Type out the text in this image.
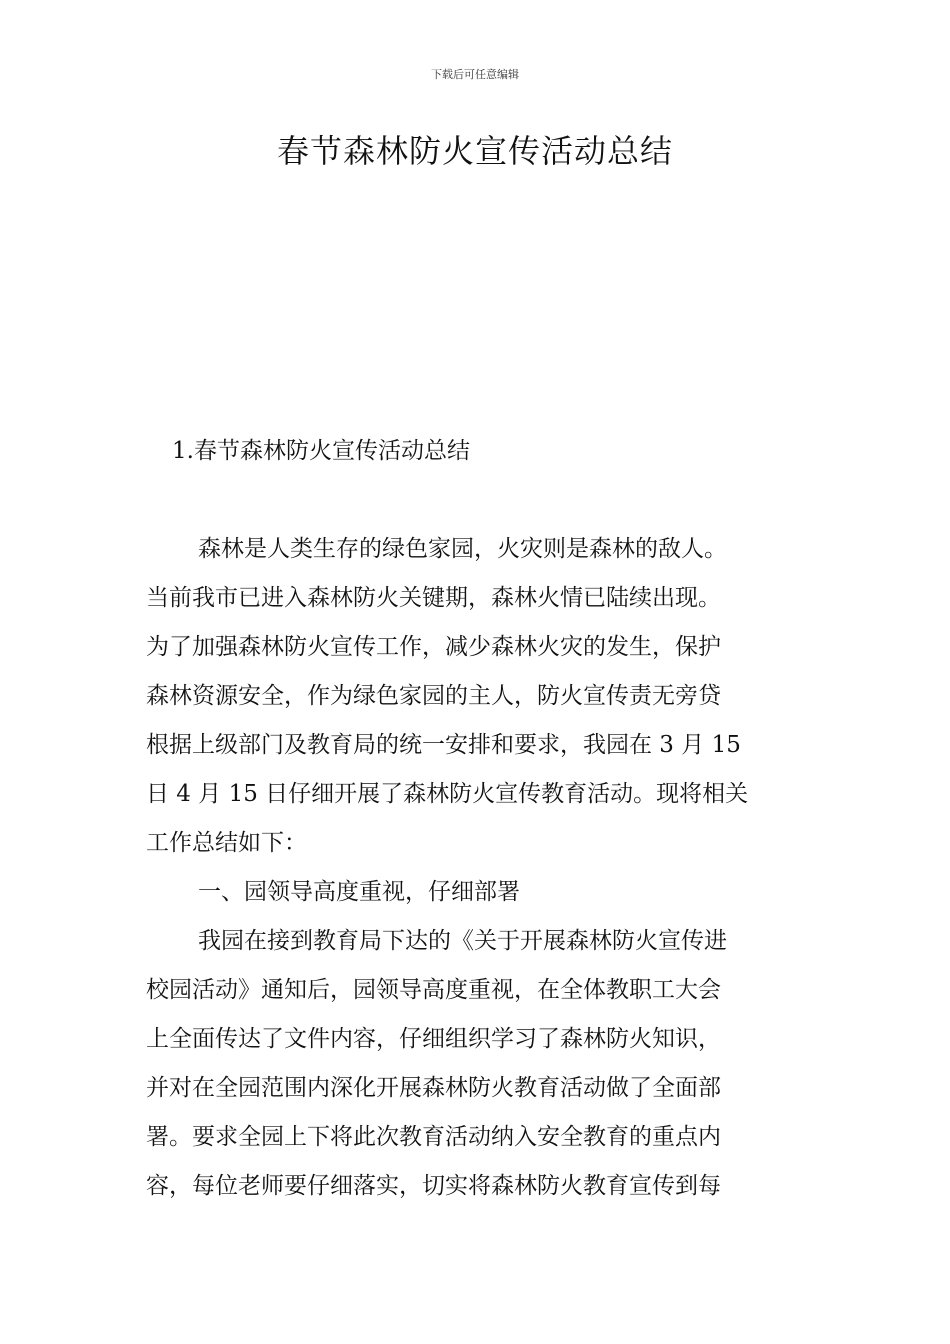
下载后可任意编辑
春节森林防火宣传活动总结
1.春节森林防火宣传活动总结
森林是人类生存的绿色家园，火灾则是森林的敌人。
当前我市已进入森林防火关键期，森林火情已陆续出现。
为了加强森林防火宣传工作，减少森林火灾的发生，保护
森林资源安全，作为绿色家园的主人，防火宣传责无旁贷
根据上级部门及教育局的统一安排和要求，我园在 3 月 15
日 4 月 15 日仔细开展了森林防火宣传教育活动。现将相关
工作总结如下：
一、园领导高度重视，仔细部署
我园在接到教育局下达的《关于开展森林防火宣传进
校园活动》通知后，园领导高度重视，在全体教职工大会
上全面传达了文件内容，仔细组织学习了森林防火知识，
并对在全园范围内深化开展森林防火教育活动做了全面部
署。要求全园上下将此次教育活动纳入安全教育的重点内
容，每位老师要仔细落实，切实将森林防火教育宣传到每
